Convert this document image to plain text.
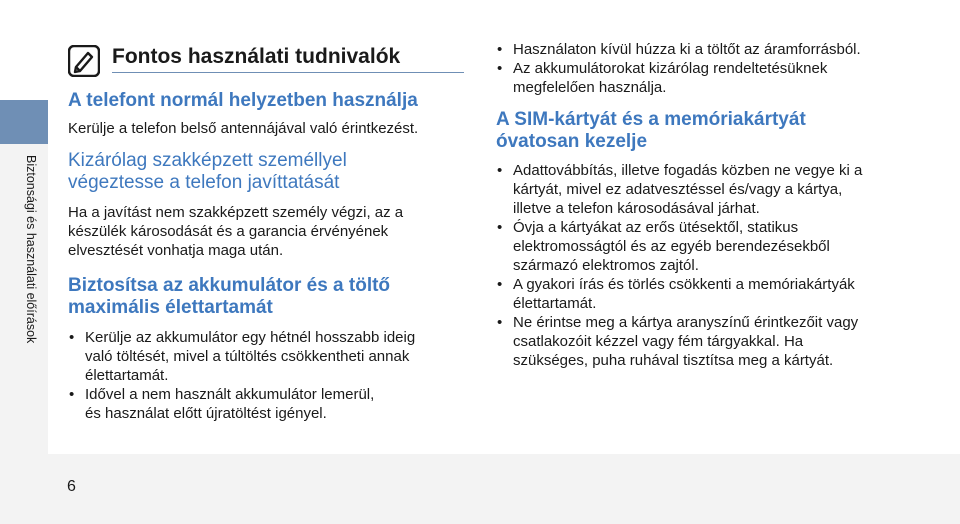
Biztonsági és használati előírások
6
Fontos használati tudnivalók
A telefont normál helyzetben használja

Kerülje a telefon belső antennájával való érintkezést.

Kizárólag szakképzett személlyel
végeztesse a telefon javíttatását

Ha a javítást nem szakképzett személy végzi, az a
készülék károsodását és a garancia érvényének
elvesztését vonhatja maga után.

Biztosítsa az akkumulátor és a töltő
maximális élettartamát
• Kerülje az akkumulátor egy hétnél hosszabb ideig
való töltését, mivel a túltöltés csökkentheti annak
élettartamát.
• Idővel a nem használt akkumulátor lemerül,
és használat előtt újratöltést igényel.
• Használaton kívül húzza ki a töltőt az áramforrásból.
• Az akkumulátorokat kizárólag rendeltetésüknek
megfelelően használja.
A SIM-kártyát és a memóriakártyát
óvatosan kezelje
• Adattovábbítás, illetve fogadás közben ne vegye ki a
kártyát, mivel ez adatvesztéssel és/vagy a kártya,
illetve a telefon károsodásával járhat.
• Óvja a kártyákat az erős ütésektől, statikus
elektromosságtól és az egyéb berendezésekből
származó elektromos zajtól.
• A gyakori írás és törlés csökkenti a memóriakártyák
élettartamát.
• Ne érintse meg a kártya aranyszínű érintkezőit vagy
csatlakozóit kézzel vagy fém tárgyakkal. Ha
szükséges, puha ruhával tisztítsa meg a kártyát.
